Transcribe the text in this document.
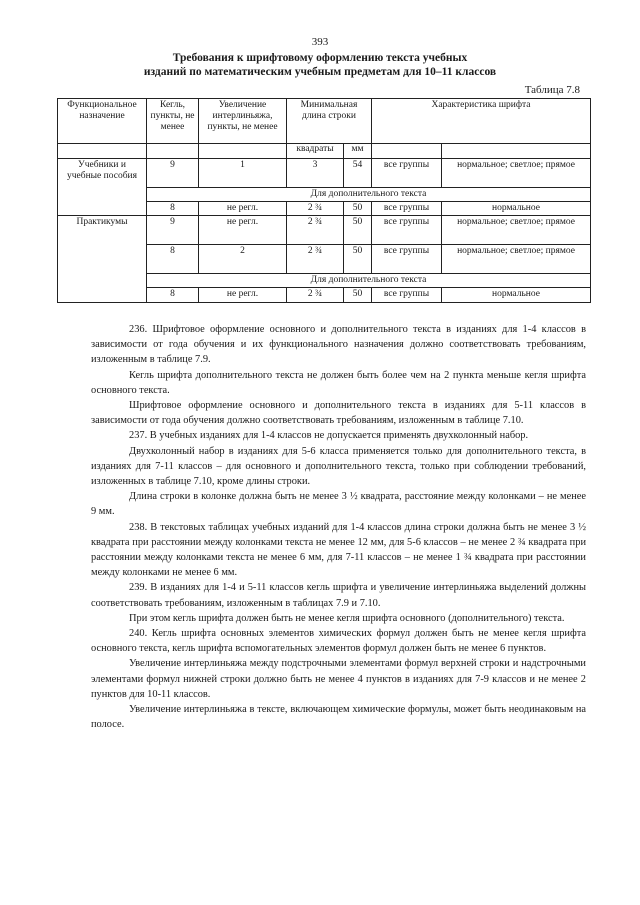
393
Требования к шрифтовому оформлению текста учебных
изданий по математическим учебным предметам для 10–11 классов
Таблица 7.8
Функциональное назначение	Кегль, пункты, не менее	Увеличение интерлиньяжа, пункты, не менее	Минимальная длина строки		Характеристика шрифта	

			квадраты	мм		
Учебники и учебные пособия	9	1	3	54	все группы	нормальное; светлое; прямое
	Для дополнительного текста					
	8	не регл.	2 ¾	50	все группы	нормальное
Практикумы	9	не регл.	2 ¾	50	все группы	нормальное; светлое; прямое
	8	2	2 ¾	50	все группы	нормальное; светлое; прямое
	Для дополнительного текста					
	8	не регл.	2 ¾	50	все группы	нормальное

236. Шрифтовое оформление основного и дополнительного текста в изданиях для 1-4 классов в зависимости от года обучения и их функционального назначения должно соответствовать требованиям, изложенным в таблице 7.9.

Кегль шрифта дополнительного текста не должен быть более чем на 2 пункта меньше кегля шрифта основного текста.

Шрифтовое оформление основного и дополнительного текста в изданиях для 5-11 классов в зависимости от года обучения должно соответствовать требованиям, изложенным в таблице 7.10.

237. В учебных изданиях для 1-4 классов не допускается применять двухколонный набор.

Двухколонный набор в изданиях для 5-6 класса применяется только для дополнительного текста, в изданиях для 7-11 классов – для основного и дополнительного текста, только при соблюдении требований, изложенных в таблице 7.10, кроме длины строки.

Длина строки в колонке должна быть не менее 3 ½ квадрата, расстояние между колонками – не менее 9 мм.

238. В текстовых таблицах учебных изданий для 1-4 классов длина строки должна быть не менее 3 ½ квадрата при расстоянии между колонками текста не менее 12 мм, для 5-6 классов – не менее 2 ¾ квадрата при расстоянии между колонками текста не менее 6 мм, для 7-11 классов – не менее 1 ¾ квадрата при расстоянии между колонками не менее 6 мм.

239. В изданиях для 1-4 и 5-11 классов кегль шрифта и увеличение интерлиньяжа выделений должны соответствовать требованиям, изложенным в таблицах 7.9 и 7.10.

При этом кегль шрифта должен быть не менее кегля шрифта основного (дополнительного) текста.

240. Кегль шрифта основных элементов химических формул должен быть не менее кегля шрифта основного текста, кегль шрифта вспомогательных элементов формул должен быть не менее 6 пунктов.

Увеличение интерлиньяжа между подстрочными элементами формул верхней строки и надстрочными элементами формул нижней строки должно быть не менее 4 пунктов в изданиях для 7-9 классов и не менее 2 пунктов для 10-11 классов.

Увеличение интерлиньяжа в тексте, включающем химические формулы, может быть неодинаковым на полосе.
